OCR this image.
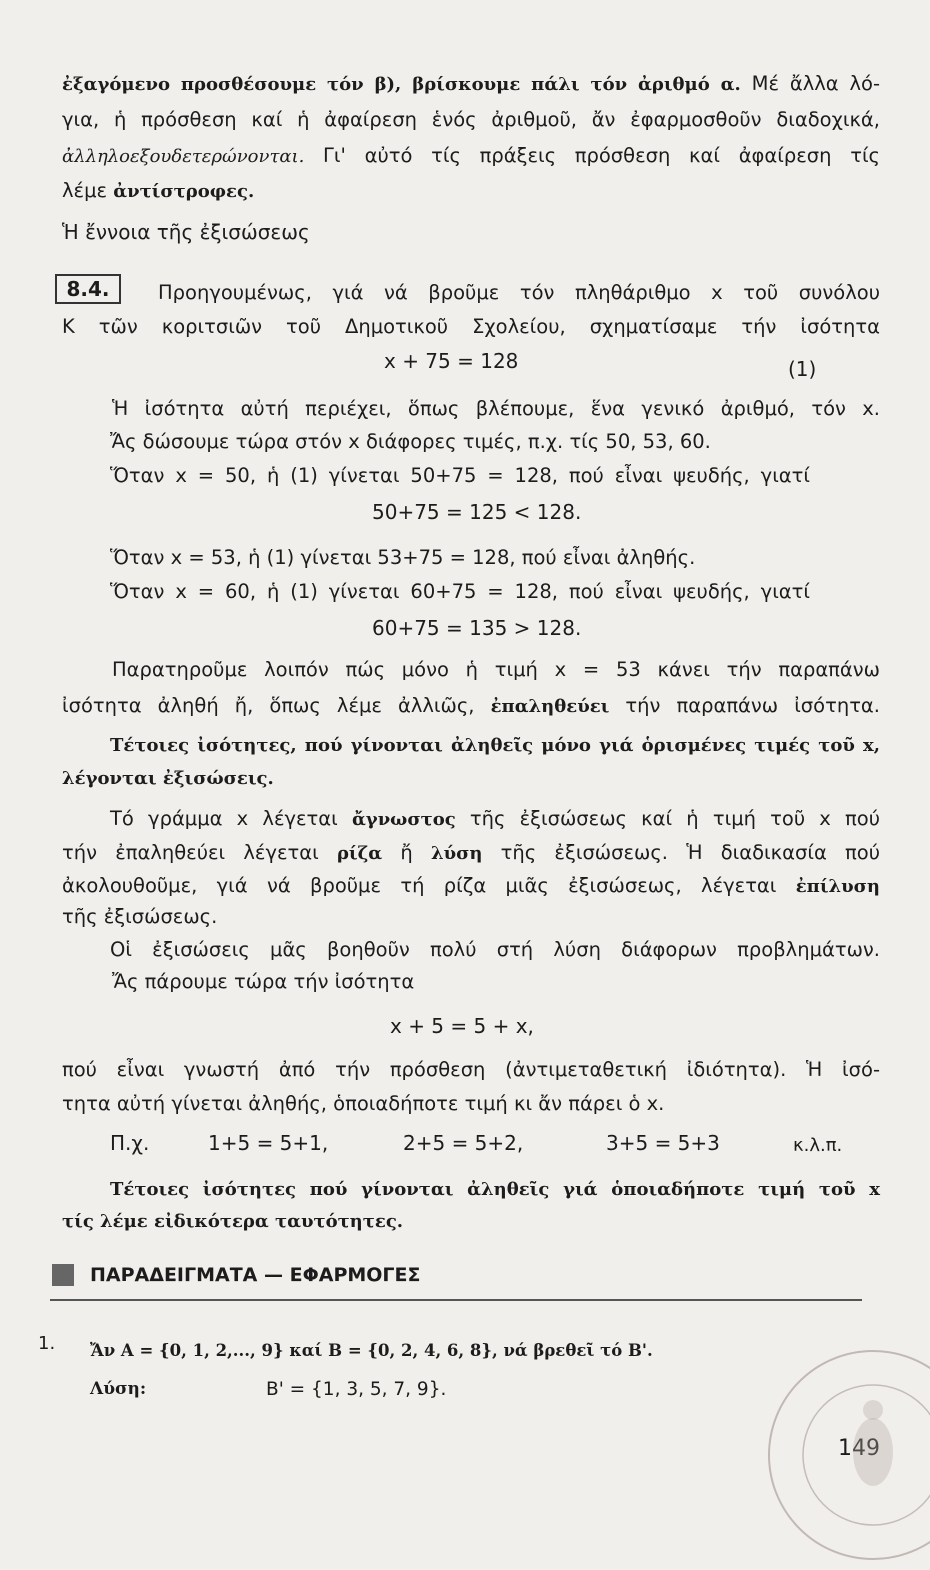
ἐξαγόμενο προσθέσουμε τόν β), βρίσκουμε πάλι τόν ἀριθμό α. Μέ ἄλλα λό-
για, ἡ πρόσθεση καί ἡ ἀφαίρεση ἑνός ἀριθμοῦ, ἄν ἐφαρμοσθοῦν διαδοχικά,
ἀλληλοεξουδετερώνονται. Γι' αὐτό τίς πράξεις πρόσθεση καί ἀφαίρεση τίς
λέμε ἀντίστροφες.
Ἡ ἔννοια τῆς ἐξισώσεως
8.4.	Προηγουμένως, γιά νά βροῦμε τόν πληθάριθμο x τοῦ συνόλου
Κ τῶν κοριτσιῶν τοῦ Δημοτικοῦ Σχολείου, σχηματίσαμε τήν ἰσότητα
x + 75 = 128	(1)
Ἡ ἰσότητα αὐτή περιέχει, ὅπως βλέπουμε, ἕνα γενικό ἀριθμό, τόν x.
Ἄς δώσουμε τώρα στόν x διάφορες τιμές, π.χ. τίς 50, 53, 60.
Ὅταν x = 50, ἡ (1) γίνεται 50+75 = 128, πού εἶναι ψευδής, γιατί
50+75 = 125 < 128.
Ὅταν x = 53, ἡ (1) γίνεται 53+75 = 128, πού εἶναι ἀληθής.
Ὅταν x = 60, ἡ (1) γίνεται 60+75 = 128, πού εἶναι ψευδής, γιατί
60+75 = 135 > 128.
Παρατηροῦμε λοιπόν πώς μόνο ἡ τιμή x = 53 κάνει τήν παραπάνω
ἰσότητα ἀληθή ἤ, ὅπως λέμε ἀλλιῶς, ἐπαληθεύει τήν παραπάνω ἰσότητα.
Τέτοιες ἰσότητες, πού γίνονται ἀληθεῖς μόνο γιά ὁρισμένες τιμές τοῦ x,
λέγονται ἐξισώσεις.
Τό γράμμα x λέγεται ἄγνωστος τῆς ἐξισώσεως καί ἡ τιμή τοῦ x πού
τήν ἐπαληθεύει λέγεται ρίζα ἤ λύση τῆς ἐξισώσεως. Ἡ διαδικασία πού
ἀκολουθοῦμε, γιά νά βροῦμε τή ρίζα μιᾶς ἐξισώσεως, λέγεται ἐπίλυση
τῆς ἐξισώσεως.
Οἱ ἐξισώσεις μᾶς βοηθοῦν πολύ στή λύση διάφορων προβλημάτων.
Ἄς πάρουμε τώρα τήν ἰσότητα
x + 5 = 5 + x,
πού εἶναι γνωστή ἀπό τήν πρόσθεση (ἀντιμεταθετική ἰδιότητα). Ἡ ἰσό-
τητα αὐτή γίνεται ἀληθής, ὁποιαδήποτε τιμή κι ἄν πάρει ὁ x.
Π.χ.	1+5 = 5+1,	2+5 = 5+2,	3+5 = 5+3	κ.λ.π.
Τέτοιες ἰσότητες πού γίνονται ἀληθεῖς γιά ὁποιαδήποτε τιμή τοῦ x
τίς λέμε εἰδικότερα ταυτότητες.
ΠΑΡΑΔΕΙΓΜΑΤΑ — ΕΦΑΡΜΟΓΕΣ
1. Ἄν Α = {0, 1, 2,..., 9} καί Β = {0, 2, 4, 6, 8}, νά βρεθεῖ τό Β'.
Λύση:	Β' = {1, 3, 5, 7, 9}.
149
